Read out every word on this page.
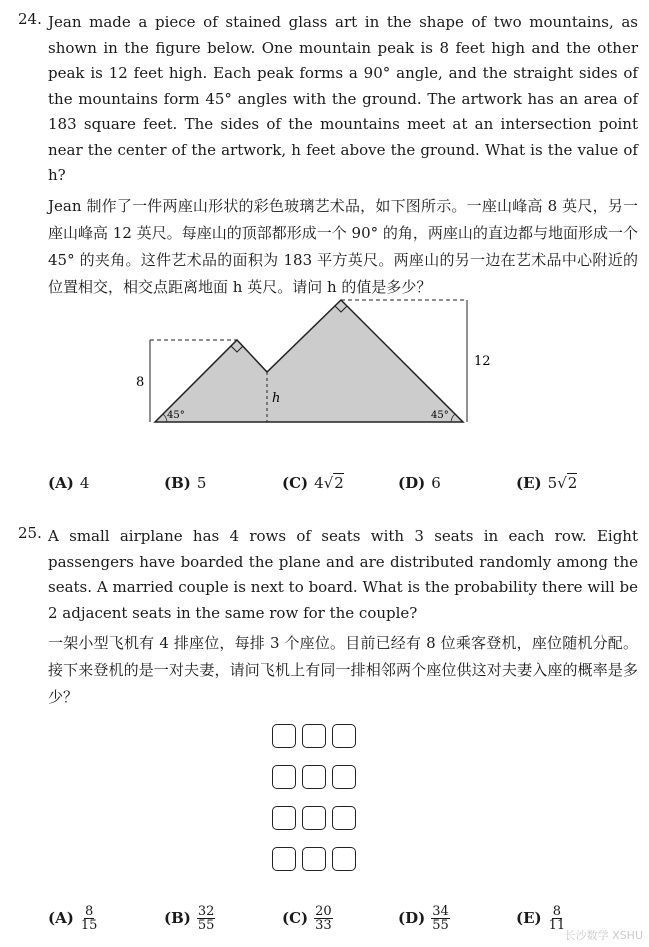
24. Jean made a piece of stained glass art in the shape of two mountains, as shown in the figure below. One mountain peak is 8 feet high and the other peak is 12 feet high. Each peak forms a 90° angle, and the straight sides of the mountains form 45° angles with the ground. The artwork has an area of 183 square feet. The sides of the mountains meet at an intersection point near the center of the artwork, h feet above the ground. What is the value of h?
Jean 制作了一件两座山形状的彩色玻璃艺术品，如下图所示。一座山峰高 8 英尺，另一座山峰高 12 英尺。每座山的顶部都形成一个 90° 的角，两座山的直边都与地面形成一个 45° 的夹角。这件艺术品的面积为 183 平方英尺。两座山的另一边在艺术品中心附近的位置相交，相交点距离地面 h 英尺。请问 h 的值是多少？
8
12
h
45°	45°
(A) 4	(B) 5	(C) 4√2	(D) 6	(E) 5√2
25. A small airplane has 4 rows of seats with 3 seats in each row. Eight passengers have boarded the plane and are distributed randomly among the seats. A married couple is next to board. What is the probability there will be 2 adjacent seats in the same row for the couple?
一架小型飞机有 4 排座位，每排 3 个座位。目前已经有 8 位乘客登机，座位随机分配。接下来登机的是一对夫妻，请问飞机上有同一排相邻两个座位供这对夫妻入座的概率是多少？
$(A) \frac{8}{15}$	$(B) \frac{32}{55}$	$(C) \frac{20}{33}$	$(D) \frac{34}{55}$	$(E) \frac{8}{11}$
长沙数学 XSHU
